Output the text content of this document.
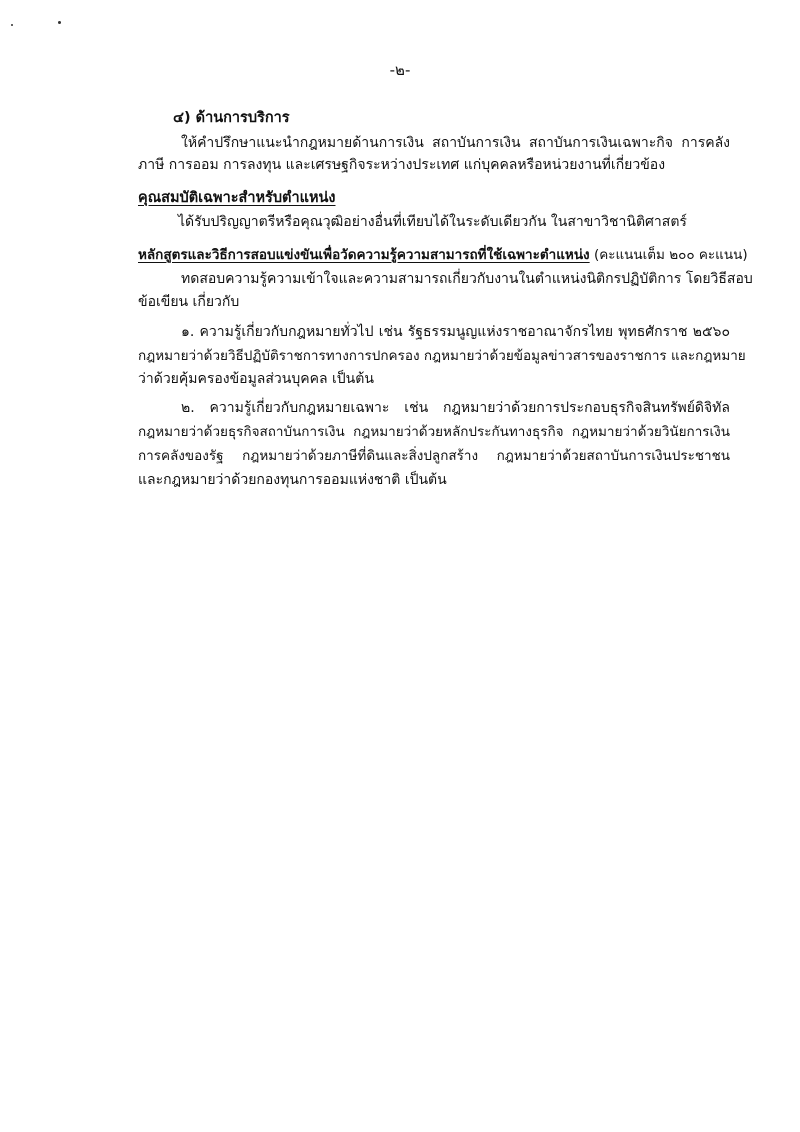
-๒-
๔) ด้านการบริการ
ให้คำปรึกษาแนะนำกฎหมายด้านการเงิน สถาบันการเงิน สถาบันการเงินเฉพาะกิจ การคลัง
ภาษี การออม การลงทุน และเศรษฐกิจระหว่างประเทศ แก่บุคคลหรือหน่วยงานที่เกี่ยวข้อง
คุณสมบัติเฉพาะสำหรับตำแหน่ง
ได้รับปริญญาตรีหรือคุณวุฒิอย่างอื่นที่เทียบได้ในระดับเดียวกัน ในสาขาวิชานิติศาสตร์
หลักสูตรและวิธีการสอบแข่งขันเพื่อวัดความรู้ความสามารถที่ใช้เฉพาะตำแหน่ง (คะแนนเต็ม ๒๐๐ คะแนน)
ทดสอบความรู้ความเข้าใจและความสามารถเกี่ยวกับงานในตำแหน่งนิติกรปฏิบัติการ โดยวิธีสอบ
ข้อเขียน เกี่ยวกับ
๑. ความรู้เกี่ยวกับกฎหมายทั่วไป เช่น รัฐธรรมนูญแห่งราชอาณาจักรไทย พุทธศักราช ๒๕๖๐
กฎหมายว่าด้วยวิธีปฏิบัติราชการทางการปกครอง กฎหมายว่าด้วยข้อมูลข่าวสารของราชการ และกฎหมาย
ว่าด้วยคุ้มครองข้อมูลส่วนบุคคล เป็นต้น
๒. ความรู้เกี่ยวกับกฎหมายเฉพาะ เช่น กฎหมายว่าด้วยการประกอบธุรกิจสินทรัพย์ดิจิทัล
กฎหมายว่าด้วยธุรกิจสถาบันการเงิน กฎหมายว่าด้วยหลักประกันทางธุรกิจ กฎหมายว่าด้วยวินัยการเงิน
การคลังของรัฐ กฎหมายว่าด้วยภาษีที่ดินและสิ่งปลูกสร้าง กฎหมายว่าด้วยสถาบันการเงินประชาชน
และกฎหมายว่าด้วยกองทุนการออมแห่งชาติ เป็นต้น
